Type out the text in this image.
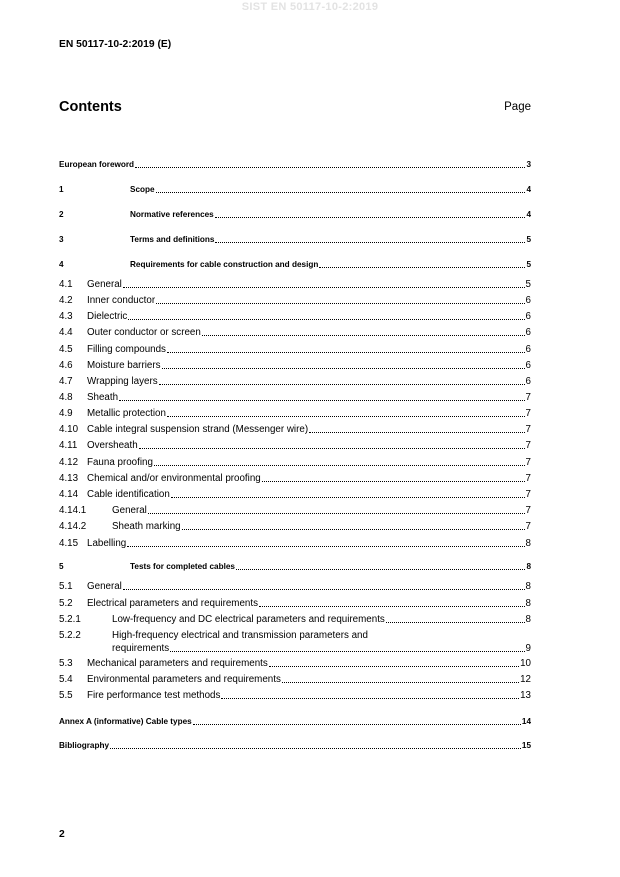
SIST EN 50117-10-2:2019
EN 50117-10-2:2019 (E)
Contents	Page
European foreword	3
1	Scope	4
2	Normative references	4
3	Terms and definitions	5
4	Requirements for cable construction and design	5
4.1	General	5
4.2	Inner conductor	6
4.3	Dielectric	6
4.4	Outer conductor or screen	6
4.5	Filling compounds	6
4.6	Moisture barriers	6
4.7	Wrapping layers	6
4.8	Sheath	7
4.9	Metallic protection	7
4.10 Cable integral suspension strand (Messenger wire)	7
4.11 Oversheath	7
4.12 Fauna proofing	7
4.13 Chemical and/or environmental proofing	7
4.14 Cable identification	7
4.14.1	General	7
4.14.2	Sheath marking	7
4.15 Labelling	8
5	Tests for completed cables	8
5.1	General	8
5.2	Electrical parameters and requirements	8
5.2.1	Low-frequency and DC electrical parameters and requirements	8
5.2.2	High-frequency electrical and transmission parameters and
requirements	9
5.3	Mechanical parameters and requirements	10
5.4	Environmental parameters and requirements	12
5.5	Fire performance test methods	13
Annex A (informative) Cable types	14
Bibliography	15
2
